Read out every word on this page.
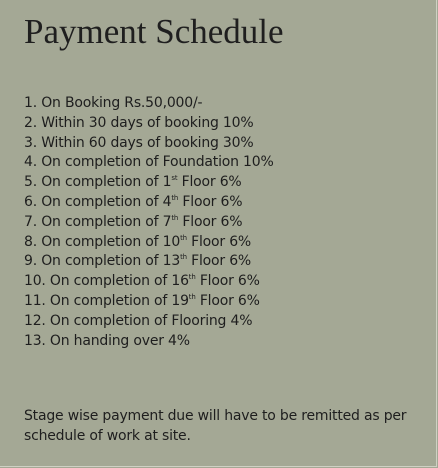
Payment Schedule
1. On Booking Rs.50,000/-
2. Within 30 days of booking 10%
3. Within 60 days of booking 30%
4. On completion of Foundation 10%
5. On completion of 1st Floor 6%
6. On completion of 4th Floor 6%
7. On completion of 7th Floor 6%
8. On completion of 10th Floor 6%
9. On completion of 13th Floor 6%
10. On completion of 16th Floor 6%
11. On completion of 19th Floor 6%
12. On completion of Flooring 4%
13. On handing over 4%

Stage wise payment due will have to be remitted as per schedule of work at site.
